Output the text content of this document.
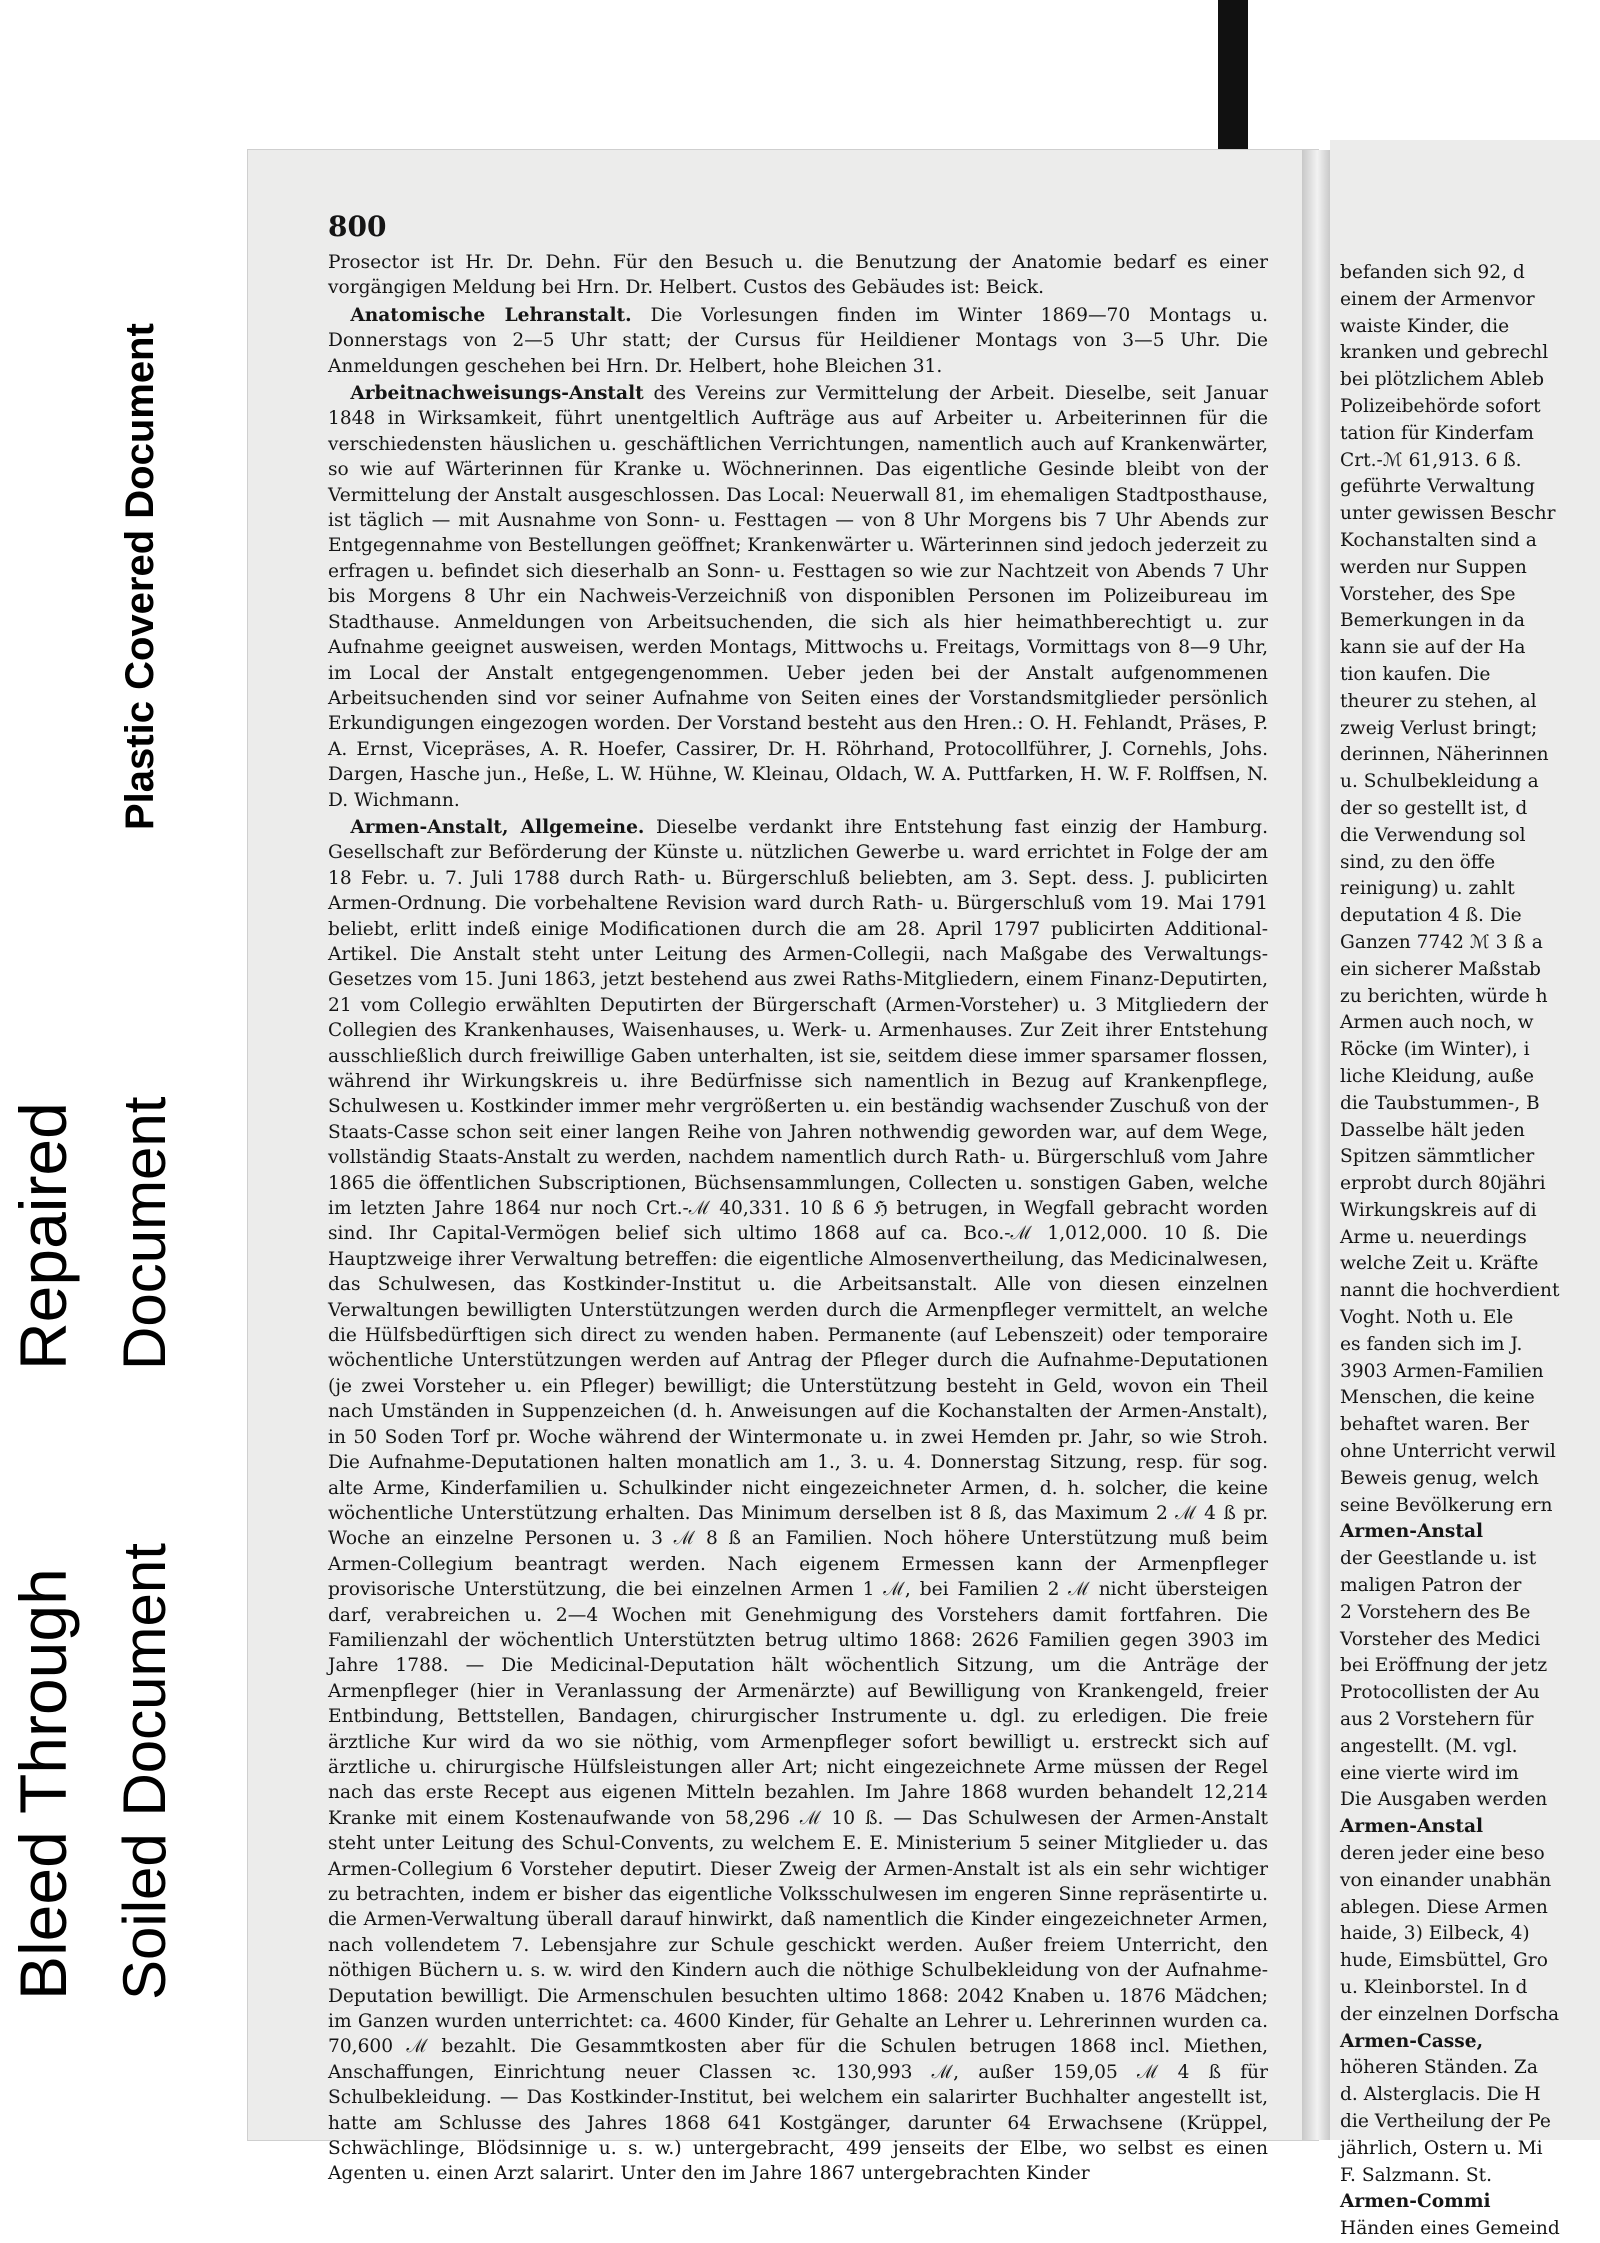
Bleed Through Soiled Document
Repaired Document
Plastic Covered Document
800

Prosector ist Hr. Dr. Dehn. Für den Besuch u. die Benutzung der Anatomie bedarf es einer vorgängigen Meldung bei Hrn. Dr. Helbert. Custos des Gebäudes ist: Beick.

Anatomische Lehranstalt. Die Vorlesungen finden im Winter 1869—70 Montags u. Donnerstags von 2—5 Uhr statt; der Cursus für Heildiener Montags von 3—5 Uhr. Die Anmeldungen geschehen bei Hrn. Dr. Helbert, hohe Bleichen 31.

Arbeitnachweisungs-Anstalt des Vereins zur Vermittelung der Arbeit. Dieselbe, seit Januar 1848 in Wirksamkeit, führt unentgeltlich Aufträge aus auf Arbeiter u. Arbeiterinnen für die verschiedensten häuslichen u. geschäftlichen Verrichtungen, namentlich auch auf Krankenwärter, so wie auf Wärterinnen für Kranke u. Wöchnerinnen. Das eigentliche Gesinde bleibt von der Vermittelung der Anstalt ausgeschlossen. Das Local: Neuerwall 81, im ehemaligen Stadtposthause, ist täglich — mit Ausnahme von Sonn- u. Festtagen — von 8 Uhr Morgens bis 7 Uhr Abends zur Entgegennahme von Bestellungen geöffnet; Krankenwärter u. Wärterinnen sind jedoch jederzeit zu erfragen u. befindet sich dieserhalb an Sonn- u. Festtagen so wie zur Nachtzeit von Abends 7 Uhr bis Morgens 8 Uhr ein Nachweis-Verzeichniß von disponiblen Personen im Polizeibureau im Stadthause. Anmeldungen von Arbeitsuchenden, die sich als hier heimathberechtigt u. zur Aufnahme geeignet ausweisen, werden Montags, Mittwochs u. Freitags, Vormittags von 8—9 Uhr, im Local der Anstalt entgegengenommen. Ueber jeden bei der Anstalt aufgenommenen Arbeitsuchenden sind vor seiner Aufnahme von Seiten eines der Vorstandsmitglieder persönlich Erkundigungen eingezogen worden. Der Vorstand besteht aus den Hren.: O. H. Fehlandt, Präses, P. A. Ernst, Vicepräses, A. R. Hoefer, Cassirer, Dr. H. Röhrhand, Protocollführer, J. Cornehls, Johs. Dargen, Hasche jun., Heße, L. W. Hühne, W. Kleinau, Oldach, W. A. Puttfarken, H. W. F. Rolffsen, N. D. Wichmann.

Armen-Anstalt, Allgemeine. Dieselbe verdankt ihre Entstehung fast einzig der Hamburg. Gesellschaft zur Beförderung der Künste u. nützlichen Gewerbe u. ward errichtet in Folge der am 18 Febr. u. 7. Juli 1788 durch Rath- u. Bürgerschluß beliebten, am 3. Sept. dess. J. publicirten Armen-Ordnung. Die vorbehaltene Revision ward durch Rath- u. Bürgerschluß vom 19. Mai 1791 beliebt, erlitt indeß einige Modificationen durch die am 28. April 1797 publicirten Additional-Artikel. Die Anstalt steht unter Leitung des Armen-Collegii, nach Maßgabe des Verwaltungs-Gesetzes vom 15. Juni 1863, jetzt bestehend aus zwei Raths-Mitgliedern, einem Finanz-Deputirten, 21 vom Collegio erwählten Deputirten der Bürgerschaft (Armen-Vorsteher) u. 3 Mitgliedern der Collegien des Krankenhauses, Waisenhauses, u. Werk- u. Armenhauses. Zur Zeit ihrer Entstehung ausschließlich durch freiwillige Gaben unterhalten, ist sie, seitdem diese immer sparsamer flossen, während ihr Wirkungskreis u. ihre Bedürfnisse sich namentlich in Bezug auf Krankenpflege, Schulwesen u. Kostkinder immer mehr vergrößerten u. ein beständig wachsender Zuschuß von der Staats-Casse schon seit einer langen Reihe von Jahren nothwendig geworden war, auf dem Wege, vollständig Staats-Anstalt zu werden, nachdem namentlich durch Rath- u. Bürgerschluß vom Jahre 1865 die öffentlichen Subscriptionen, Büchsensammlungen, Collecten u. sonstigen Gaben, welche im letzten Jahre 1864 nur noch Crt.-ℳ 40,331. 10 ß 6 ℌ betrugen, in Wegfall gebracht worden sind. Ihr Capital-Vermögen belief sich ultimo 1868 auf ca. Bco.-ℳ 1,012,000. 10 ß. Die Hauptzweige ihrer Verwaltung betreffen: die eigentliche Almosenvertheilung, das Medicinalwesen, das Schulwesen, das Kostkinder-Institut u. die Arbeitsanstalt. Alle von diesen einzelnen Verwaltungen bewilligten Unterstützungen werden durch die Armenpfleger vermittelt, an welche die Hülfsbedürftigen sich direct zu wenden haben. Permanente (auf Lebenszeit) oder temporaire wöchentliche Unterstützungen werden auf Antrag der Pfleger durch die Aufnahme-Deputationen (je zwei Vorsteher u. ein Pfleger) bewilligt; die Unterstützung besteht in Geld, wovon ein Theil nach Umständen in Suppenzeichen (d. h. Anweisungen auf die Kochanstalten der Armen-Anstalt), in 50 Soden Torf pr. Woche während der Wintermonate u. in zwei Hemden pr. Jahr, so wie Stroh. Die Aufnahme-Deputationen halten monatlich am 1., 3. u. 4. Donnerstag Sitzung, resp. für sog. alte Arme, Kinderfamilien u. Schulkinder nicht eingezeichneter Armen, d. h. solcher, die keine wöchentliche Unterstützung erhalten. Das Minimum derselben ist 8 ß, das Maximum 2 ℳ 4 ß pr. Woche an einzelne Personen u. 3 ℳ 8 ß an Familien. Noch höhere Unterstützung muß beim Armen-Collegium beantragt werden. Nach eigenem Ermessen kann der Armenpfleger provisorische Unterstützung, die bei einzelnen Armen 1 ℳ, bei Familien 2 ℳ nicht übersteigen darf, verabreichen u. 2—4 Wochen mit Genehmigung des Vorstehers damit fortfahren. Die Familienzahl der wöchentlich Unterstützten betrug ultimo 1868: 2626 Familien gegen 3903 im Jahre 1788. — Die Medicinal-Deputation hält wöchentlich Sitzung, um die Anträge der Armenpfleger (hier in Veranlassung der Armenärzte) auf Bewilligung von Krankengeld, freier Entbindung, Bettstellen, Bandagen, chirurgischer Instrumente u. dgl. zu erledigen. Die freie ärztliche Kur wird da wo sie nöthig, vom Armenpfleger sofort bewilligt u. erstreckt sich auf ärztliche u. chirurgische Hülfsleistungen aller Art; nicht eingezeichnete Arme müssen der Regel nach das erste Recept aus eigenen Mitteln bezahlen. Im Jahre 1868 wurden behandelt 12,214 Kranke mit einem Kostenaufwande von 58,296 ℳ 10 ß. — Das Schulwesen der Armen-Anstalt steht unter Leitung des Schul-Convents, zu welchem E. E. Ministerium 5 seiner Mitglieder u. das Armen-Collegium 6 Vorsteher deputirt. Dieser Zweig der Armen-Anstalt ist als ein sehr wichtiger zu betrachten, indem er bisher das eigentliche Volksschulwesen im engeren Sinne repräsentirte u. die Armen-Verwaltung überall darauf hinwirkt, daß namentlich die Kinder eingezeichneter Armen, nach vollendetem 7. Lebensjahre zur Schule geschickt werden. Außer freiem Unterricht, den nöthigen Büchern u. s. w. wird den Kindern auch die nöthige Schulbekleidung von der Aufnahme-Deputation bewilligt. Die Armenschulen besuchten ultimo 1868: 2042 Knaben u. 1876 Mädchen; im Ganzen wurden unterrichtet: ca. 4600 Kinder, für Gehalte an Lehrer u. Lehrerinnen wurden ca. 70,600 ℳ bezahlt. Die Gesammtkosten aber für die Schulen betrugen 1868 incl. Miethen, Anschaffungen, Einrichtung neuer Classen ꝛc. 130,993 ℳ, außer 159,05 ℳ 4 ß für Schulbekleidung. — Das Kostkinder-Institut, bei welchem ein salarirter Buchhalter angestellt ist, hatte am Schlusse des Jahres 1868 641 Kostgänger, darunter 64 Erwachsene (Krüppel, Schwächlinge, Blödsinnige u. s. w.) untergebracht, 499 jenseits der Elbe, wo selbst es einen Agenten u. einen Arzt salarirt. Unter den im Jahre 1867 untergebrachten Kinder

befanden sich 92, d
einem der Armenvor
waiste Kinder, die
kranken und gebrechl
bei plötzlichem Ableb
Polizeibehörde sofort
tation für Kinderfam
Crt.-ℳ 61,913. 6 ß.
geführte Verwaltung
unter gewissen Beschr
Kochanstalten sind a
werden nur Suppen
Vorsteher, des Spe
Bemerkungen in da
kann sie auf der Ha
tion kaufen. Die
theurer zu stehen, al
zweig Verlust bringt;
derinnen, Näherinnen
u. Schulbekleidung a
der so gestellt ist, d
die Verwendung sol
sind, zu den öffe
reinigung) u. zahlt
deputation 4 ß. Die
Ganzen 7742 ℳ 3 ß a
ein sicherer Maßstab
zu berichten, würde h
Armen auch noch, w
Röcke (im Winter), i
liche Kleidung, auße
die Taubstummen-, B
Dasselbe hält jeden
Spitzen sämmtlicher
erprobt durch 80jähri
Wirkungskreis auf di
Arme u. neuerdings
welche Zeit u. Kräfte
nannt die hochverdient
Voght. Noth u. Ele
es fanden sich im J.
3903 Armen-Familien
Menschen, die keine
behaftet waren. Ber
ohne Unterricht verwil
Beweis genug, welch
seine Bevölkerung ern
Armen-Anstal
der Geestlande u. ist
maligen Patron der
2 Vorstehern des Be
Vorsteher des Medici
bei Eröffnung der jetz
Protocollisten der Au
aus 2 Vorstehern für
angestellt. (M. vgl.
eine vierte wird im
Die Ausgaben werden
Armen-Anstal
deren jeder eine beso
von einander unabhän
ablegen. Diese Armen
haide, 3) Eilbeck, 4)
hude, Eimsbüttel, Gro
u. Kleinborstel. In d
der einzelnen Dorfscha
Armen-Casse,
höheren Ständen. Za
d. Alsterglacis. Die H
die Vertheilung der Pe
jährlich, Ostern u. Mi
F. Salzmann. St.
Armen-Commi
Händen eines Gemeind
